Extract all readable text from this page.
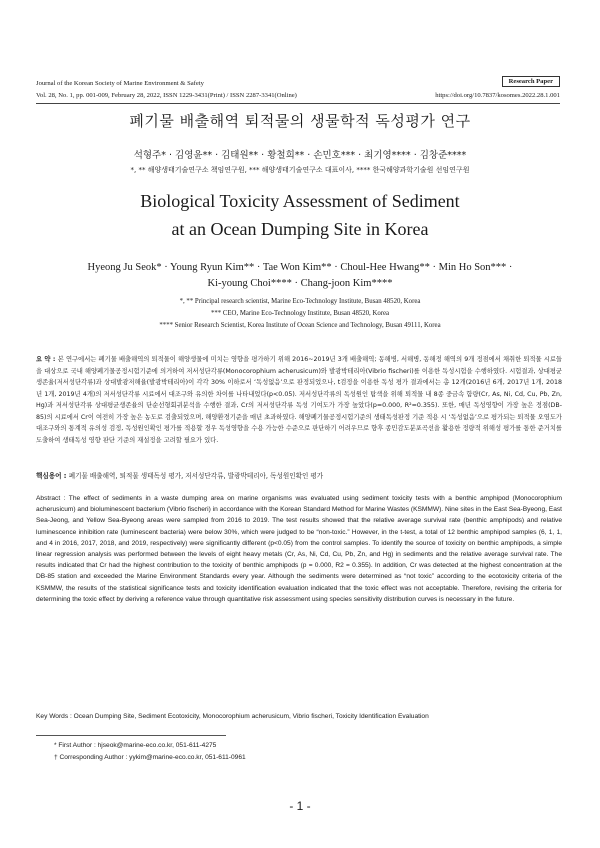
Journal of the Korean Society of Marine Environment & Safety	Research Paper
Vol. 28, No. 1, pp. 001-009, February 28, 2022, ISSN 1229-3431(Print) / ISSN 2287-3341(Online)	https://doi.org/10.7837/kosomes.2022.28.1.001
폐기물 배출해역 퇴적물의 생물학적 독성평가 연구
석형주* · 김영윤** · 김태원** · 황철희** · 손민호*** · 최기영**** · 김창준****
*, ** 해양생태기술연구소 책임연구원, *** 해양생태기술연구소 대표이사, **** 한국해양과학기술원 선임연구원
Biological Toxicity Assessment of Sediment
at an Ocean Dumping Site in Korea
Hyeong Ju Seok* · Young Ryun Kim** · Tae Won Kim** · Choul-Hee Hwang** · Min Ho Son*** ·
Ki-young Choi**** · Chang-joon Kim****
*, ** Principal research scientist, Marine Eco-Technology Institute, Busan 48520, Korea
*** CEO, Marine Eco-Technology Institute, Busan 48520, Korea
**** Senior Research Scientist, Korea Institute of Ocean Science and Technology, Busan 49111, Korea
요 약 : 본 연구에서는 폐기물 배출해역의 퇴적물이 해양생물에 미치는 영향을 평가하기 위해 2016~2019년 3개 배출해역; 동해병, 서해병, 동해정 해역의 9개 정점에서 채취한 퇴적물 시료들을 대상으로 국내 해양폐기물공정시험기준에 의거하여 저서성단각류(Monocorophium acherusicum)와 발광박테리아(Vibrio fischeri)를 이용한 독성시험을 수행하였다. 시험결과, 상대평균생존율(저서성단각류)과 상대발광저해율(발광박테리아)이 각각 30% 이하로서 ‘독성없음’으로 판정되었으나, t검정을 이용한 독성 평가 결과에서는 총 12개(2016년 6개, 2017년 1개, 2018년 1개, 2019년 4개)의 저서성단각류 시료에서 대조구와 유의한 차이를 나타내었다(p<0.05). 저서성단각류의 독성원인 탐색을 위해 퇴적물 내 8종 중금속 함량(Cr, As, Ni, Cd, Cu, Pb, Zn, Hg)과 저서성단각류 상대평균생존율의 단순선형회귀분석을 수행한 결과, Cr의 저서성단각류 독성 기여도가 가장 높았다(p=0.000, R²=0.355). 또한, 매년 독성영향이 가장 높은 정점(DB-85)의 시료에서 Cr이 여전히 가장 높은 농도로 검출되었으며, 해양환경기준을 매년 초과하였다. 해양폐기물공정시험기준의 생태독성판정 기준 적용 시 ‘독성없음’으로 평가되는 퇴적물 오염도가 대조구와의 통계적 유의성 검정, 독성원인확인 평가를 적용할 경우 독성영향을 수용 가능한 수준으로 판단하기 어려우므로 향후 종민감도분포곡선을 활용한 정량적 위해성 평가를 통한 준거치를 도출하여 생태독성 영향 판단 기준의 재설정을 고려할 필요가 있다.
핵심용어 : 폐기물 배출해역, 퇴적물 생태독성 평가, 저서성단각류, 발광박테리아, 독성원인확인 평가
Abstract : The effect of sediments in a waste dumping area on marine organisms was evaluated using sediment toxicity tests with a benthic amphipod (Monocorophium acherusicum) and bioluminescent bacterium (Vibrio fischeri) in accordance with the Korean Standard Method for Marine Wastes (KSMMW). Nine sites in the East Sea-Byeong, East Sea-Jeong, and Yellow Sea-Byeong areas were sampled from 2016 to 2019. The test results showed that the relative average survival rate (benthic amphipods) and relative luminescence inhibition rate (luminescent bacteria) were below 30%, which were judged to be “non-toxic.” However, in the t-test, a total of 12 benthic amphipod samples (6, 1, 1, and 4 in 2016, 2017, 2018, and 2019, respectively) were significantly different (p<0.05) from the control samples. To identify the source of toxicity on benthic amphipods, a simple linear regression analysis was performed between the levels of eight heavy metals (Cr, As, Ni, Cd, Cu, Pb, Zn, and Hg) in sediments and the relative average survival rate. The results indicated that Cr had the highest contribution to the toxicity of benthic amphipods (p = 0.000, R2 = 0.355). In addition, Cr was detected at the highest concentration at the DB-85 station and exceeded the Marine Environment Standards every year. Although the sediments were determined as “not toxic” according to the ecotoxicity criteria of the KSMMW, the results of the statistical significance tests and toxicity identification evaluation indicated that the toxic effect was not acceptable. Therefore, revising the criteria for determining the toxic effect by deriving a reference value through quantitative risk assessment using species sensitivity distribution curves is necessary in the future.
Key Words : Ocean Dumping Site, Sediment Ecotoxicity, Monocorophium acherusicum, Vibrio fischeri, Toxicity Identification Evaluation
* First Author : hjseok@marine-eco.co.kr, 051-611-4275
† Corresponding Author : yykim@marine-eco.co.kr, 051-611-0961
- 1 -
